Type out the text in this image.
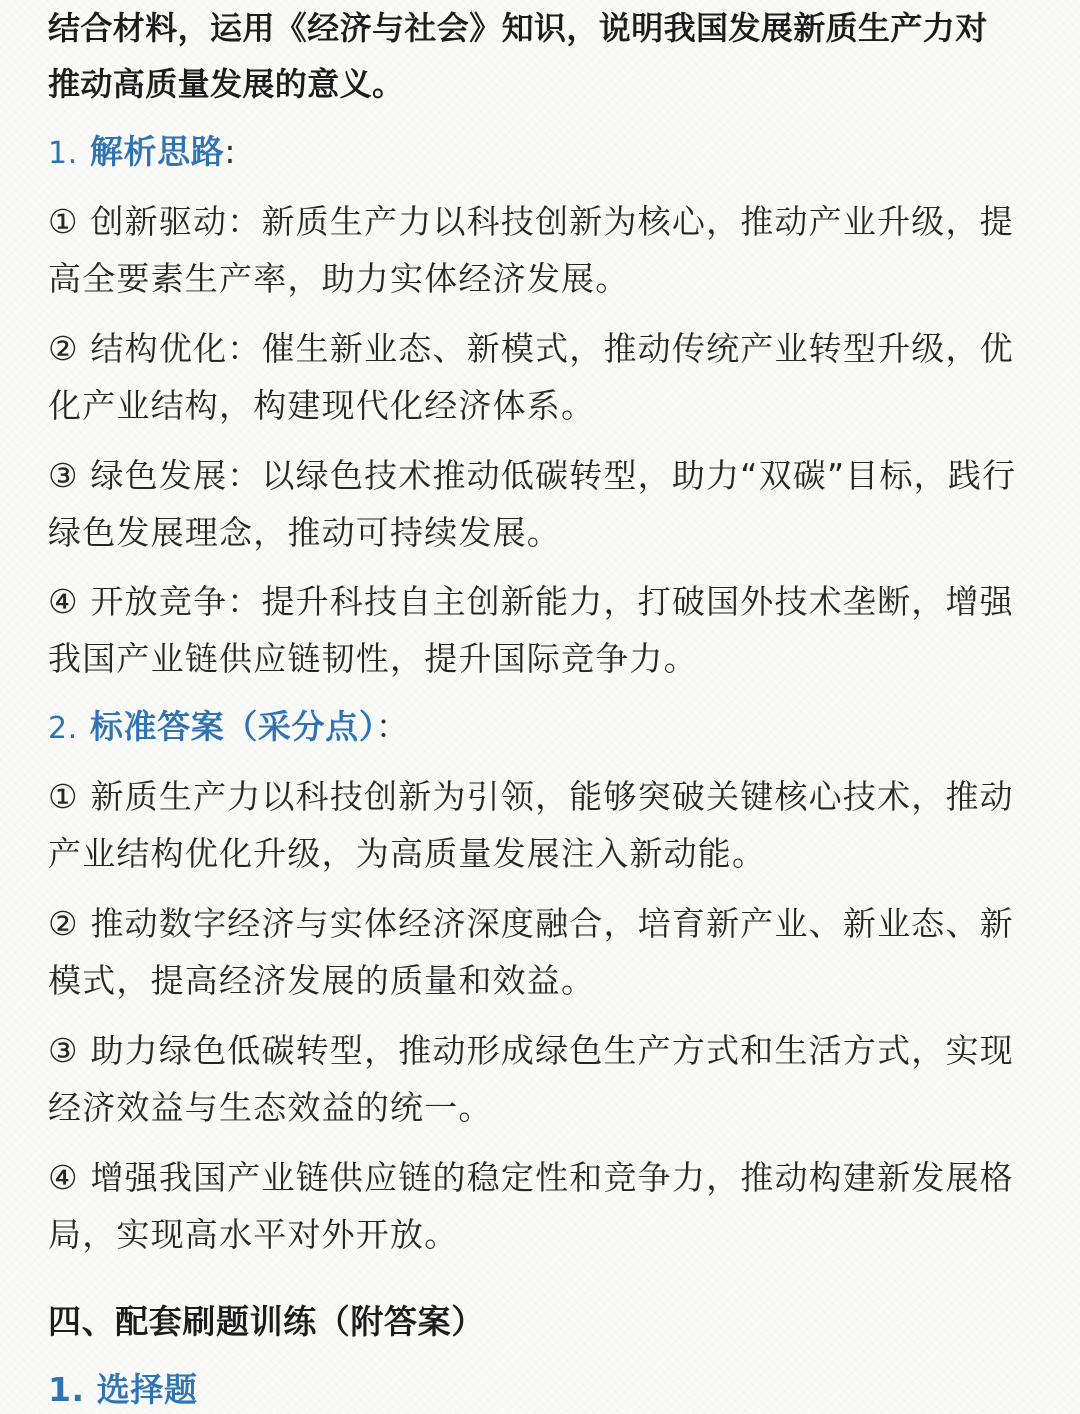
结合材料，运用《经济与社会》知识，说明我国发展新质生产力对
推动高质量发展的意义。
1. 解析思路:
① 创新驱动：新质生产力以科技创新为核心，推动产业升级，提
高全要素生产率，助力实体经济发展。
② 结构优化：催生新业态、新模式，推动传统产业转型升级，优
化产业结构，构建现代化经济体系。
③ 绿色发展：以绿色技术推动低碳转型，助力“双碳”目标，践行
绿色发展理念，推动可持续发展。
④ 开放竞争：提升科技自主创新能力，打破国外技术垄断，增强
我国产业链供应链韧性，提升国际竞争力。
2. 标准答案（采分点）：
① 新质生产力以科技创新为引领，能够突破关键核心技术，推动
产业结构优化升级，为高质量发展注入新动能。
② 推动数字经济与实体经济深度融合，培育新产业、新业态、新
模式，提高经济发展的质量和效益。
③ 助力绿色低碳转型，推动形成绿色生产方式和生活方式，实现
经济效益与生态效益的统一。
④ 增强我国产业链供应链的稳定性和竞争力，推动构建新发展格
局，实现高水平对外开放。
四、配套刷题训练（附答案）
1. 选择题
